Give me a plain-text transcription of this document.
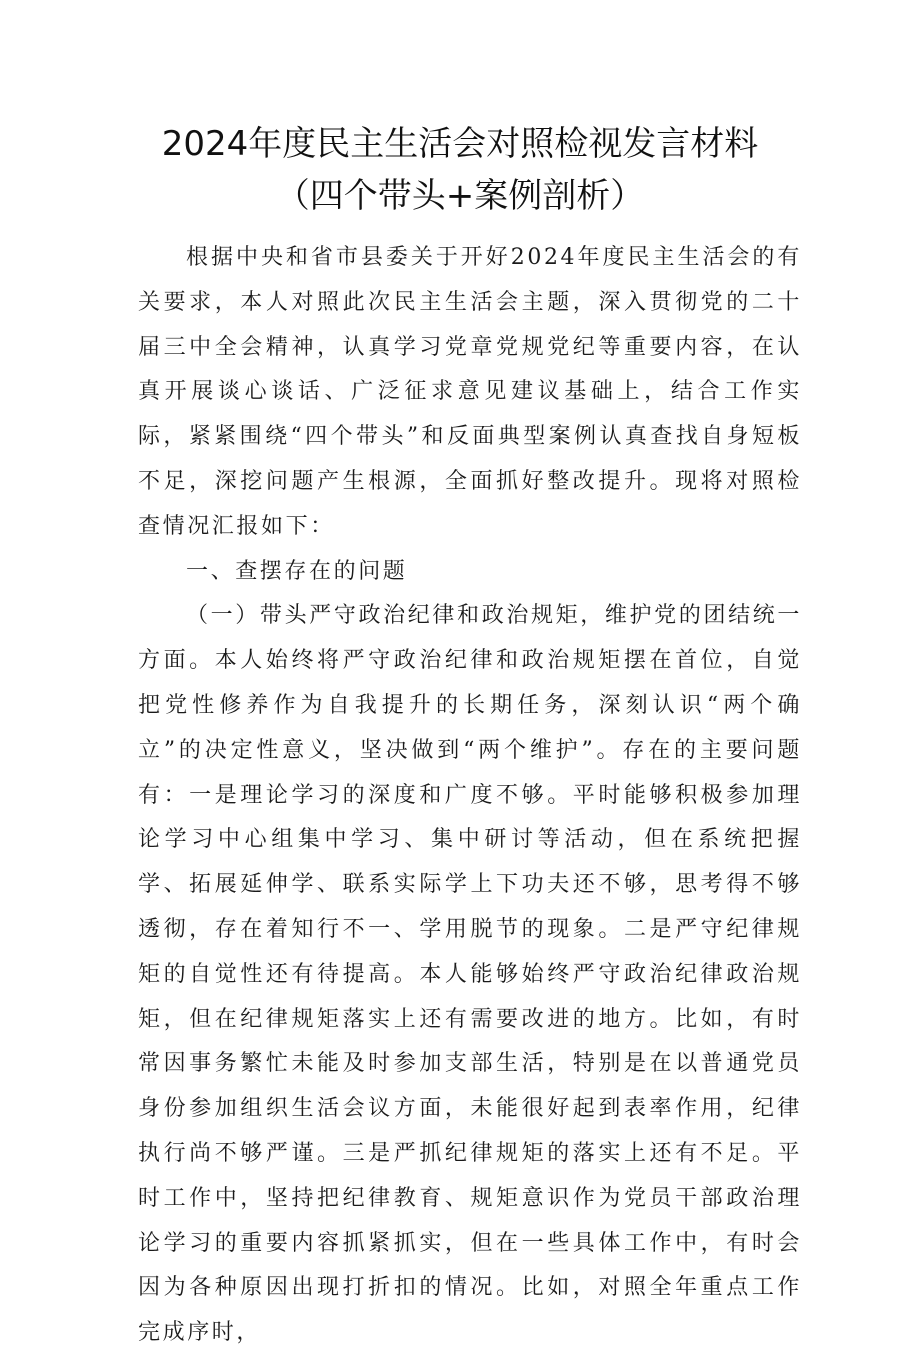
2024年度民主生活会对照检视发言材料（四个带头+案例剖析）

根据中央和省市县委关于开好2024年度民主生活会的有关要求，本人对照此次民主生活会主题，深入贯彻党的二十届三中全会精神，认真学习党章党规党纪等重要内容，在认真开展谈心谈话、广泛征求意见建议基础上，结合工作实际，紧紧围绕“四个带头”和反面典型案例认真查找自身短板不足，深挖问题产生根源，全面抓好整改提升。现将对照检查情况汇报如下：

一、查摆存在的问题

（一）带头严守政治纪律和政治规矩，维护党的团结统一方面。本人始终将严守政治纪律和政治规矩摆在首位，自觉把党性修养作为自我提升的长期任务，深刻认识“两个确立”的决定性意义，坚决做到“两个维护”。存在的主要问题有：一是理论学习的深度和广度不够。平时能够积极参加理论学习中心组集中学习、集中研讨等活动，但在系统把握学、拓展延伸学、联系实际学上下功夫还不够，思考得不够透彻，存在着知行不一、学用脱节的现象。二是严守纪律规矩的自觉性还有待提高。本人能够始终严守政治纪律政治规矩，但在纪律规矩落实上还有需要改进的地方。比如，有时常因事务繁忙未能及时参加支部生活，特别是在以普通党员身份参加组织生活会议方面，未能很好起到表率作用，纪律执行尚不够严谨。三是严抓纪律规矩的落实上还有不足。平时工作中，坚持把纪律教育、规矩意识作为党员干部政治理论学习的重要内容抓紧抓实，但在一些具体工作中，有时会因为各种原因出现打折扣的情况。比如，对照全年重点工作完成序时，
